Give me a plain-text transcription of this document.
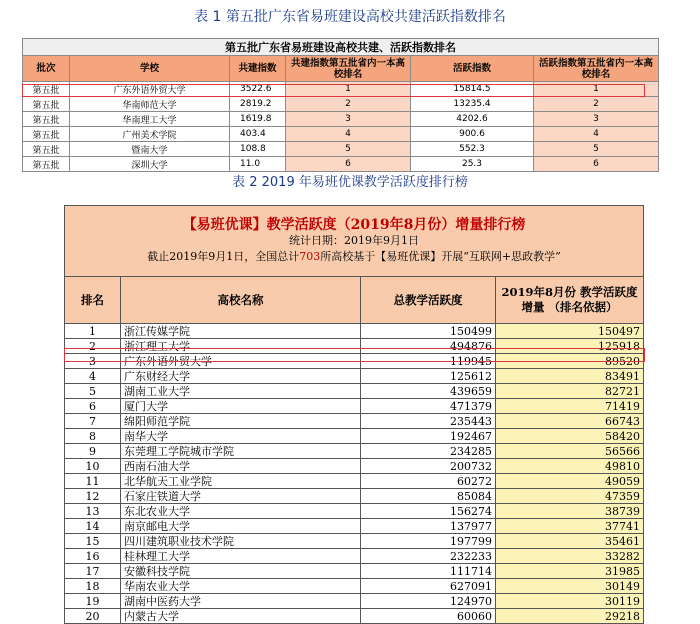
表 1 第五批广东省易班建设高校共建活跃指数排名
第五批广东省易班建设高校共建、活跃指数排名					
批次	学校	共建指数	共建指数第五批省内一本高校排名	活跃指数	活跃指数第五批省内一本高校排名
第五批	广东外语外贸大学	3522.6	1	15814.5	1
第五批	华南师范大学	2819.2	2	13235.4	2
第五批	华南理工大学	1619.8	3	4202.6	3
第五批	广州美术学院	403.4	4	900.6	4
第五批	暨南大学	108.8	5	552.3	5
第五批	深圳大学	11.0	6	25.3	6
表 2 2019 年易班优课教学活跃度排行榜
【易班优课】教学活跃度（2019年8月份）增量排行榜
统计日期：2019年9月1日
截止2019年9月1日，全国总计703所高校基于【易班优课】开展“互联网+思政教学”			

排名	高校名称	总教学活跃度	2019年8月份 教学活跃度增量 （排名依据）
1	浙江传媒学院	150499	150497
2	浙江理工大学	494876	125918
3	广东外语外贸大学	119945	89520
4	广东财经大学	125612	83491
5	湖南工业大学	439659	82721
6	厦门大学	471379	71419
7	绵阳师范学院	235443	66743
8	南华大学	192467	58420
9	东莞理工学院城市学院	234285	56566
10	西南石油大学	200732	49810
11	北华航天工业学院	60272	49059
12	石家庄铁道大学	85084	47359
13	东北农业大学	156274	38739
14	南京邮电大学	137977	37741
15	四川建筑职业技术学院	197799	35461
16	桂林理工大学	232233	33282
17	安徽科技学院	111714	31985
18	华南农业大学	627091	30149
19	湖南中医药大学	124970	30119
20	内蒙古大学	60060	29218
